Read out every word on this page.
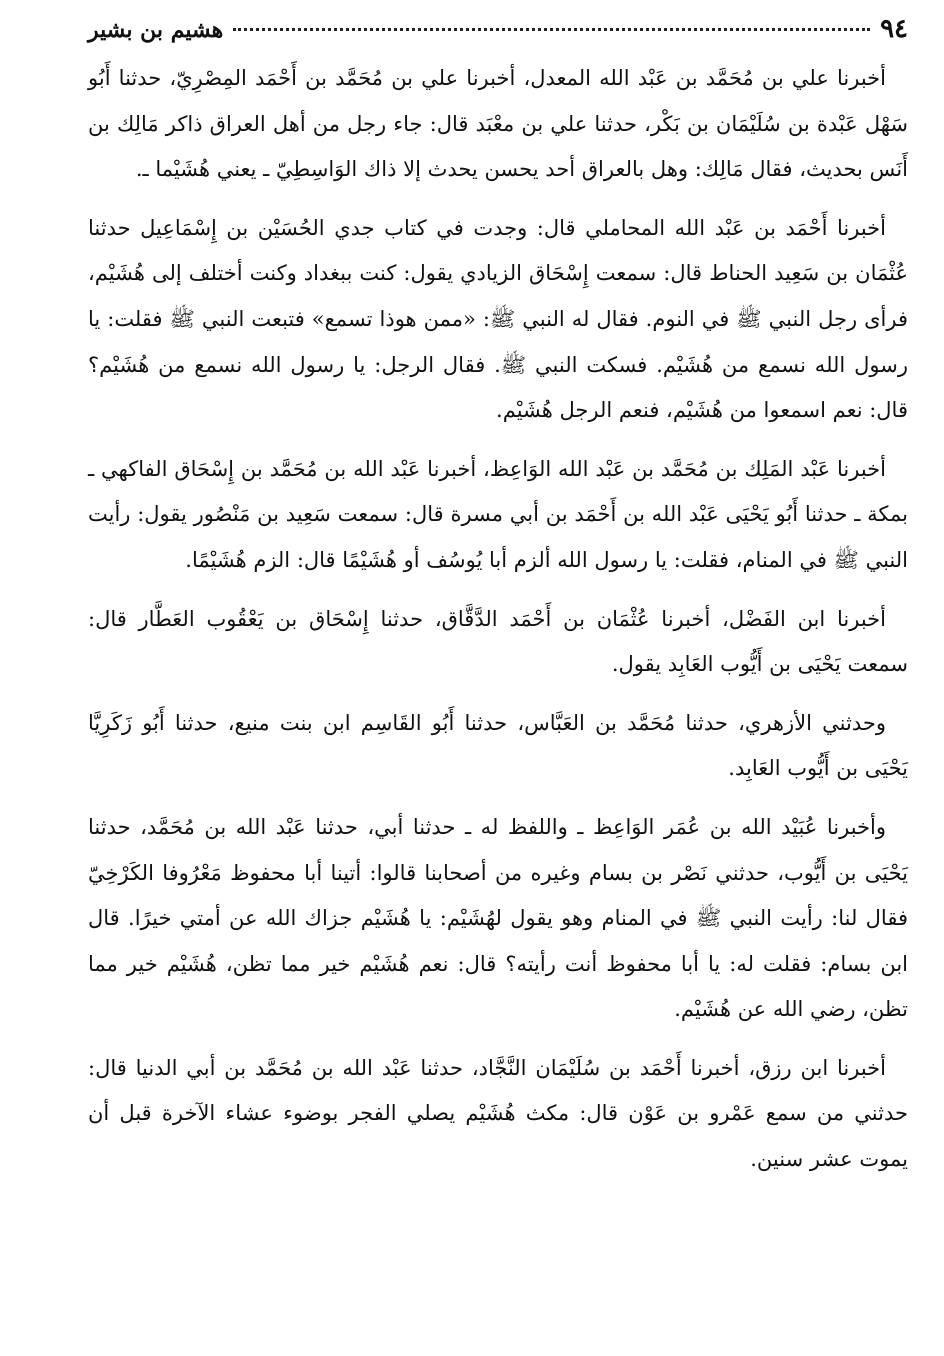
٩٤
هشيم بن بشير

أخبرنا علي بن مُحَمَّد بن عَبْد الله المعدل، أخبرنا علي بن مُحَمَّد بن أَحْمَد المِصْرِيّ، حدثنا أَبُو سَهْل عَبْدة بن سُلَيْمَان بن بَكْر، حدثنا علي بن معْبَد قال: جاء رجل من أهل العراق ذاكر مَالِك بن أَنَس بحديث، فقال مَالِك: وهل بالعراق أحد يحسن يحدث إلا ذاك الوَاسِطِيّ ـ يعني هُشَيْما ـ.

أخبرنا أَحْمَد بن عَبْد الله المحاملي قال: وجدت في كتاب جدي الحُسَيْن بن إِسْمَاعِيل حدثنا عُثْمَان بن سَعِيد الحناط قال: سمعت إِسْحَاق الزيادي يقول: كنت ببغداد وكنت أختلف إلى هُشَيْم، فرأى رجل النبي ﷺ في النوم. فقال له النبي ﷺ: «ممن هوذا تسمع» فتبعت النبي ﷺ فقلت: يا رسول الله نسمع من هُشَيْم. فسكت النبي ﷺ. فقال الرجل: يا رسول الله نسمع من هُشَيْم؟ قال: نعم اسمعوا من هُشَيْم، فنعم الرجل هُشَيْم.

أخبرنا عَبْد المَلِك بن مُحَمَّد بن عَبْد الله الوَاعِظ، أخبرنا عَبْد الله بن مُحَمَّد بن إِسْحَاق الفاكهي ـ بمكة ـ حدثنا أَبُو يَحْيَى عَبْد الله بن أَحْمَد بن أبي مسرة قال: سمعت سَعِيد بن مَنْصُور يقول: رأيت النبي ﷺ في المنام، فقلت: يا رسول الله ألزم أبا يُوسُف أو هُشَيْمًا قال: الزم هُشَيْمًا.

أخبرنا ابن الفَضْل، أخبرنا عُثْمَان بن أَحْمَد الدَّقَّاق، حدثنا إِسْحَاق بن يَعْقُوب العَطَّار قال: سمعت يَحْيَى بن أَيُّوب العَابِد يقول.

وحدثني الأزهري، حدثنا مُحَمَّد بن العَبَّاس، حدثنا أَبُو القَاسِم ابن بنت منيع، حدثنا أَبُو زَكَرِيَّا يَحْيَى بن أَيُّوب العَابِد.

وأخبرنا عُبَيْد الله بن عُمَر الوَاعِظ ـ واللفظ له ـ حدثنا أبي، حدثنا عَبْد الله بن مُحَمَّد، حدثنا يَحْيَى بن أَيُّوب، حدثني نَصْر بن بسام وغيره من أصحابنا قالوا: أتينا أبا محفوظ مَعْرُوفا الكَرْخِيّ فقال لنا: رأيت النبي ﷺ في المنام وهو يقول لهُشَيْم: يا هُشَيْم جزاك الله عن أمتي خيرًا. قال ابن بسام: فقلت له: يا أبا محفوظ أنت رأيته؟ قال: نعم هُشَيْم خير مما تظن، هُشَيْم خير مما تظن، رضي الله عن هُشَيْم.

أخبرنا ابن رزق، أخبرنا أَحْمَد بن سُلَيْمَان النَّجَّاد، حدثنا عَبْد الله بن مُحَمَّد بن أبي الدنيا قال: حدثني من سمع عَمْرو بن عَوْن قال: مكث هُشَيْم يصلي الفجر بوضوء عشاء الآخرة قبل أن يموت عشر سنين.
